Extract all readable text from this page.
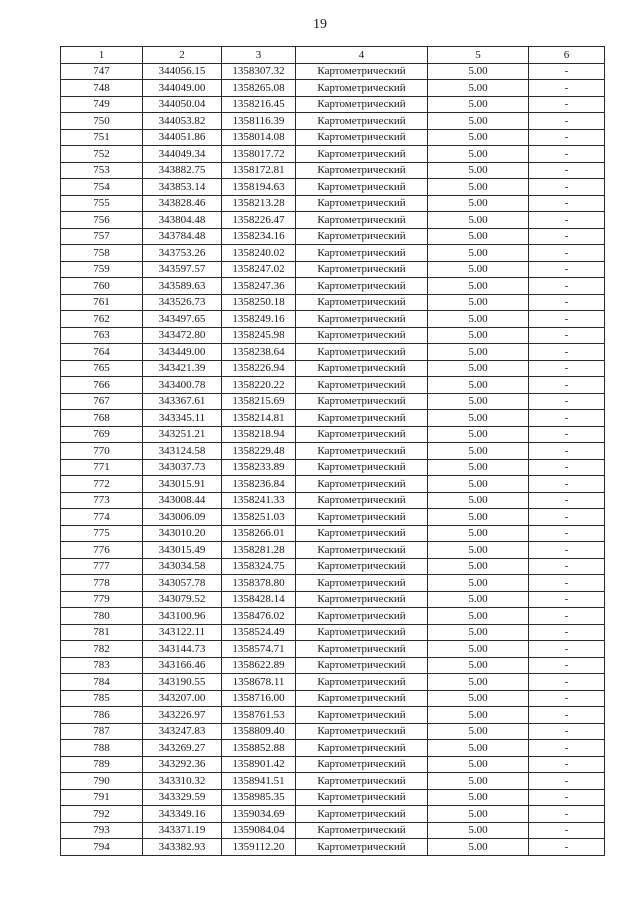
19
1	2	3	4	5	6
747	344056.15	1358307.32	Картометрический	5.00	-
748	344049.00	1358265.08	Картометрический	5.00	-
749	344050.04	1358216.45	Картометрический	5.00	-
750	344053.82	1358116.39	Картометрический	5.00	-
751	344051.86	1358014.08	Картометрический	5.00	-
752	344049.34	1358017.72	Картометрический	5.00	-
753	343882.75	1358172.81	Картометрический	5.00	-
754	343853.14	1358194.63	Картометрический	5.00	-
755	343828.46	1358213.28	Картометрический	5.00	-
756	343804.48	1358226.47	Картометрический	5.00	-
757	343784.48	1358234.16	Картометрический	5.00	-
758	343753.26	1358240.02	Картометрический	5.00	-
759	343597.57	1358247.02	Картометрический	5.00	-
760	343589.63	1358247.36	Картометрический	5.00	-
761	343526.73	1358250.18	Картометрический	5.00	-
762	343497.65	1358249.16	Картометрический	5.00	-
763	343472.80	1358245.98	Картометрический	5.00	-
764	343449.00	1358238.64	Картометрический	5.00	-
765	343421.39	1358226.94	Картометрический	5.00	-
766	343400.78	1358220.22	Картометрический	5.00	-
767	343367.61	1358215.69	Картометрический	5.00	-
768	343345.11	1358214.81	Картометрический	5.00	-
769	343251.21	1358218.94	Картометрический	5.00	-
770	343124.58	1358229.48	Картометрический	5.00	-
771	343037.73	1358233.89	Картометрический	5.00	-
772	343015.91	1358236.84	Картометрический	5.00	-
773	343008.44	1358241.33	Картометрический	5.00	-
774	343006.09	1358251.03	Картометрический	5.00	-
775	343010.20	1358266.01	Картометрический	5.00	-
776	343015.49	1358281.28	Картометрический	5.00	-
777	343034.58	1358324.75	Картометрический	5.00	-
778	343057.78	1358378.80	Картометрический	5.00	-
779	343079.52	1358428.14	Картометрический	5.00	-
780	343100.96	1358476.02	Картометрический	5.00	-
781	343122.11	1358524.49	Картометрический	5.00	-
782	343144.73	1358574.71	Картометрический	5.00	-
783	343166.46	1358622.89	Картометрический	5.00	-
784	343190.55	1358678.11	Картометрический	5.00	-
785	343207.00	1358716.00	Картометрический	5.00	-
786	343226.97	1358761.53	Картометрический	5.00	-
787	343247.83	1358809.40	Картометрический	5.00	-
788	343269.27	1358852.88	Картометрический	5.00	-
789	343292.36	1358901.42	Картометрический	5.00	-
790	343310.32	1358941.51	Картометрический	5.00	-
791	343329.59	1358985.35	Картометрический	5.00	-
792	343349.16	1359034.69	Картометрический	5.00	-
793	343371.19	1359084.04	Картометрический	5.00	-
794	343382.93	1359112.20	Картометрический	5.00	-
